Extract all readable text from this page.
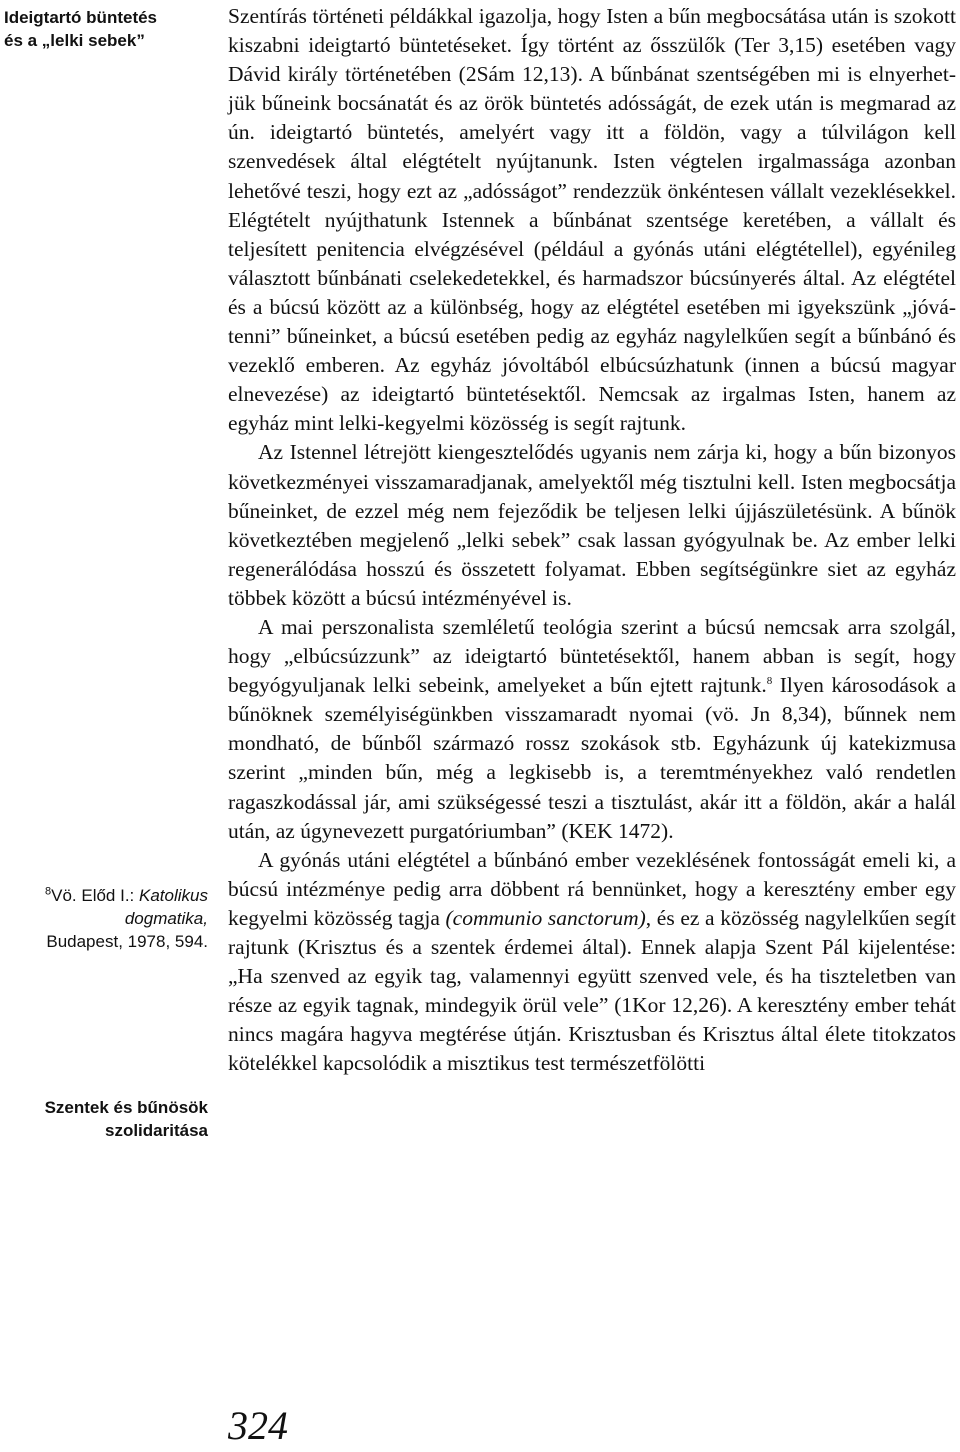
Ideigtartó büntetés
és a „lelki sebek”
$^8$Vö. Előd I.: Katolikus
dogmatika,
Budapest, 1978, 594.
Szentek és bűnösök
szolidaritása

Szentírás történeti példákkal igazolja, hogy Isten a bűn megbocsátása után is szokott kiszabni ideigtartó büntetéseket. Így történt az ősszülők (Ter 3,15) esetében vagy Dávid király történetében (2Sám 12,13). A bűnbánat szentségében mi is elnyerhetjük bűneink bocsánatát és az örök büntetés adósságát, de ezek után is megmarad az ún. ideigtartó büntetés, amelyért vagy itt a földön, vagy a túlvilágon kell szenvedések által elégtételt nyújtanunk. Isten végtelen irgalmassága azonban lehetővé teszi, hogy ezt az „adósságot” rendezzük önkéntesen vállalt vezeklésekkel. Elégtételt nyújthatunk Istennek a bűnbánat szentsége keretében, a vállalt és teljesített penitencia elvégzésével (például a gyónás utáni elégtétellel), egyénileg választott bűnbánati cselekedetekkel, és harmadszor búcsúnyerés által. Az elégtétel és a búcsú között az a különbség, hogy az elégtétel esetében mi igyekszünk „jóvátenni” bűneinket, a búcsú esetében pedig az egyház nagylelkűen segít a bűnbánó és vezeklő emberen. Az egyház jóvoltából elbúcsúzhatunk (innen a búcsú magyar elnevezése) az ideigtartó büntetésektől. Nemcsak az irgalmas Isten, hanem az egyház mint lelki-kegyelmi közösség is segít rajtunk.

Az Istennel létrejött kiengesztelődés ugyanis nem zárja ki, hogy a bűn bizonyos következményei visszamaradjanak, amelyektől még tisztulni kell. Isten megbocsátja bűneinket, de ezzel még nem fejeződik be teljesen lelki újjászületésünk. A bűnök következtében megjelenő „lelki sebek” csak lassan gyógyulnak be. Az ember lelki regenerálódása hosszú és összetett folyamat. Ebben segítségünkre siet az egyház többek között a búcsú intézményével is.

A mai perszonalista szemléletű teológia szerint a búcsú nemcsak arra szolgál, hogy „elbúcsúzzunk” az ideigtartó büntetésektől, hanem abban is segít, hogy begyógyuljanak lelki sebeink, amelyeket a bűn ejtett rajtunk.$^8$ Ilyen károsodások a bűnöknek személyiségünkben visszamaradt nyomai (vö. Jn 8,34), bűnnek nem mondható, de bűnből származó rossz szokások stb. Egyházunk új katekizmusa szerint „minden bűn, még a legkisebb is, a teremtményekhez való rendetlen ragaszkodással jár, ami szükségessé teszi a tisztulást, akár itt a földön, akár a halál után, az úgynevezett purgatóriumban” (KEK 1472).

A gyónás utáni elégtétel a bűnbánó ember vezeklésének fontosságát emeli ki, a búcsú intézménye pedig arra döbbent rá bennünket, hogy a keresztény ember egy kegyelmi közösség tagja (communio sanctorum), és ez a közösség nagylelkűen segít rajtunk (Krisztus és a szentek érdemei által). Ennek alapja Szent Pál kijelentése: „Ha szenved az egyik tag, valamennyi együtt szenved vele, és ha tiszteletben van része az egyik tagnak, mindegyik örül vele” (1Kor 12,26). A keresztény ember tehát nincs magára hagyva megtérése útján. Krisztusban és Krisztus által élete titokzatos kötelékkel kapcsolódik a misztikus test természetfölötti

324
